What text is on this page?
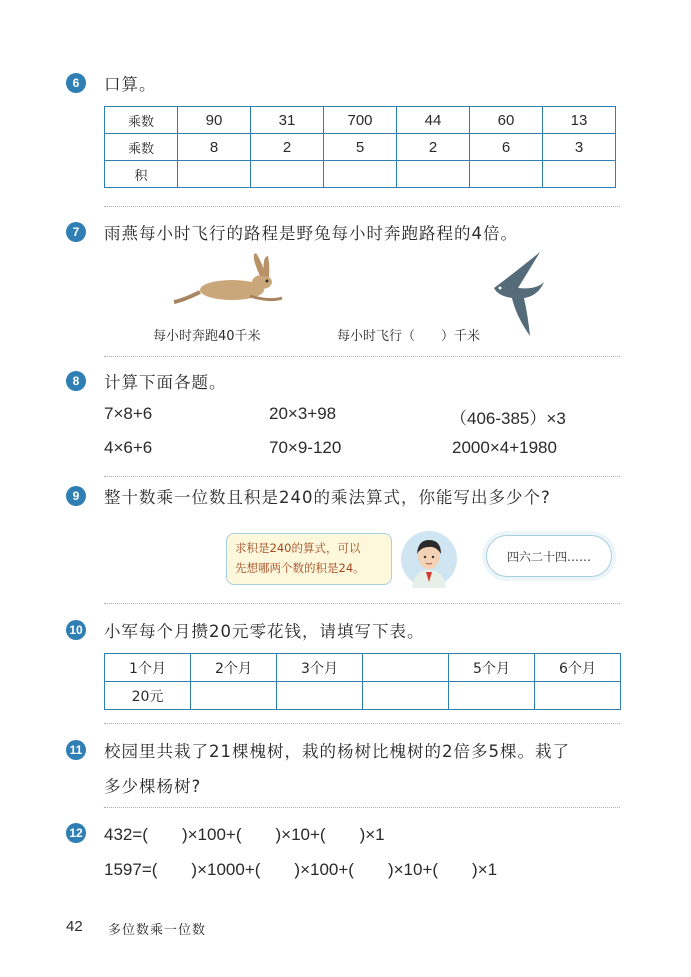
6	口算。
乘数	90	31	700	44	60	13
乘数	8	2	5	2	6	3
积						
7	雨燕每小时飞行的路程是野兔每小时奔跑路程的4倍。
每小时奔跑40千米	每小时飞行（　　）千米
8	计算下面各题。
7×8+6	20×3+98	（406-385）×3
4×6+6	70×9-120	2000×4+1980
9	整十数乘一位数且积是240的乘法算式，你能写出多少个?
求积是240的算式，可以
先想哪两个数的积是24。
四六二十四……
10 小军每个月攒20元零花钱，请填写下表。
1个月	2个月	3个月		5个月	6个月
20元					
11 校园里共栽了21棵槐树，栽的杨树比槐树的2倍多5棵。栽了
多少棵杨树?
12 432=(　　)×100+(　　)×10+(　　)×1
1597=(　　)×1000+(　　)×100+(　　)×10+(　　)×1
42 多位数乘一位数
